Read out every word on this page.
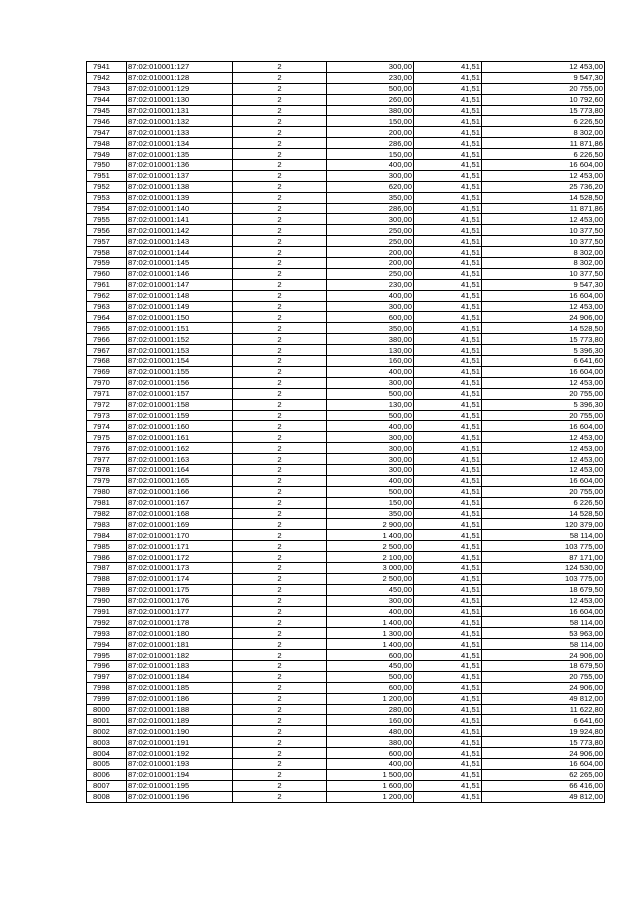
7941	87:02:010001:127	2	300,00	41,51	12 453,00
7942	87:02:010001:128	2	230,00	41,51	9 547,30
7943	87:02:010001:129	2	500,00	41,51	20 755,00
7944	87:02:010001:130	2	260,00	41,51	10 792,60
7945	87:02:010001:131	2	380,00	41,51	15 773,80
7946	87:02:010001:132	2	150,00	41,51	6 226,50
7947	87:02:010001:133	2	200,00	41,51	8 302,00
7948	87:02:010001:134	2	286,00	41,51	11 871,86
7949	87:02:010001:135	2	150,00	41,51	6 226,50
7950	87:02:010001:136	2	400,00	41,51	16 604,00
7951	87:02:010001:137	2	300,00	41,51	12 453,00
7952	87:02:010001:138	2	620,00	41,51	25 736,20
7953	87:02:010001:139	2	350,00	41,51	14 528,50
7954	87:02:010001:140	2	286,00	41,51	11 871,86
7955	87:02:010001:141	2	300,00	41,51	12 453,00
7956	87:02:010001:142	2	250,00	41,51	10 377,50
7957	87:02:010001:143	2	250,00	41,51	10 377,50
7958	87:02:010001:144	2	200,00	41,51	8 302,00
7959	87:02:010001:145	2	200,00	41,51	8 302,00
7960	87:02:010001:146	2	250,00	41,51	10 377,50
7961	87:02:010001:147	2	230,00	41,51	9 547,30
7962	87:02:010001:148	2	400,00	41,51	16 604,00
7963	87:02:010001:149	2	300,00	41,51	12 453,00
7964	87:02:010001:150	2	600,00	41,51	24 906,00
7965	87:02:010001:151	2	350,00	41,51	14 528,50
7966	87:02:010001:152	2	380,00	41,51	15 773,80
7967	87:02:010001:153	2	130,00	41,51	5 396,30
7968	87:02:010001:154	2	160,00	41,51	6 641,60
7969	87:02:010001:155	2	400,00	41,51	16 604,00
7970	87:02:010001:156	2	300,00	41,51	12 453,00
7971	87:02:010001:157	2	500,00	41,51	20 755,00
7972	87:02:010001:158	2	130,00	41,51	5 396,30
7973	87:02:010001:159	2	500,00	41,51	20 755,00
7974	87:02:010001:160	2	400,00	41,51	16 604,00
7975	87:02:010001:161	2	300,00	41,51	12 453,00
7976	87:02:010001:162	2	300,00	41,51	12 453,00
7977	87:02:010001:163	2	300,00	41,51	12 453,00
7978	87:02:010001:164	2	300,00	41,51	12 453,00
7979	87:02:010001:165	2	400,00	41,51	16 604,00
7980	87:02:010001:166	2	500,00	41,51	20 755,00
7981	87:02:010001:167	2	150,00	41,51	6 226,50
7982	87:02:010001:168	2	350,00	41,51	14 528,50
7983	87:02:010001:169	2	2 900,00	41,51	120 379,00
7984	87:02:010001:170	2	1 400,00	41,51	58 114,00
7985	87:02:010001:171	2	2 500,00	41,51	103 775,00
7986	87:02:010001:172	2	2 100,00	41,51	87 171,00
7987	87:02:010001:173	2	3 000,00	41,51	124 530,00
7988	87:02:010001:174	2	2 500,00	41,51	103 775,00
7989	87:02:010001:175	2	450,00	41,51	18 679,50
7990	87:02:010001:176	2	300,00	41,51	12 453,00
7991	87:02:010001:177	2	400,00	41,51	16 604,00
7992	87:02:010001:178	2	1 400,00	41,51	58 114,00
7993	87:02:010001:180	2	1 300,00	41,51	53 963,00
7994	87:02:010001:181	2	1 400,00	41,51	58 114,00
7995	87:02:010001:182	2	600,00	41,51	24 906,00
7996	87:02:010001:183	2	450,00	41,51	18 679,50
7997	87:02:010001:184	2	500,00	41,51	20 755,00
7998	87:02:010001:185	2	600,00	41,51	24 906,00
7999	87:02:010001:186	2	1 200,00	41,51	49 812,00
8000	87:02:010001:188	2	280,00	41,51	11 622,80
8001	87:02:010001:189	2	160,00	41,51	6 641,60
8002	87:02:010001:190	2	480,00	41,51	19 924,80
8003	87:02:010001:191	2	380,00	41,51	15 773,80
8004	87:02:010001:192	2	600,00	41,51	24 906,00
8005	87:02:010001:193	2	400,00	41,51	16 604,00
8006	87:02:010001:194	2	1 500,00	41,51	62 265,00
8007	87:02:010001:195	2	1 600,00	41,51	66 416,00
8008	87:02:010001:196	2	1 200,00	41,51	49 812,00
